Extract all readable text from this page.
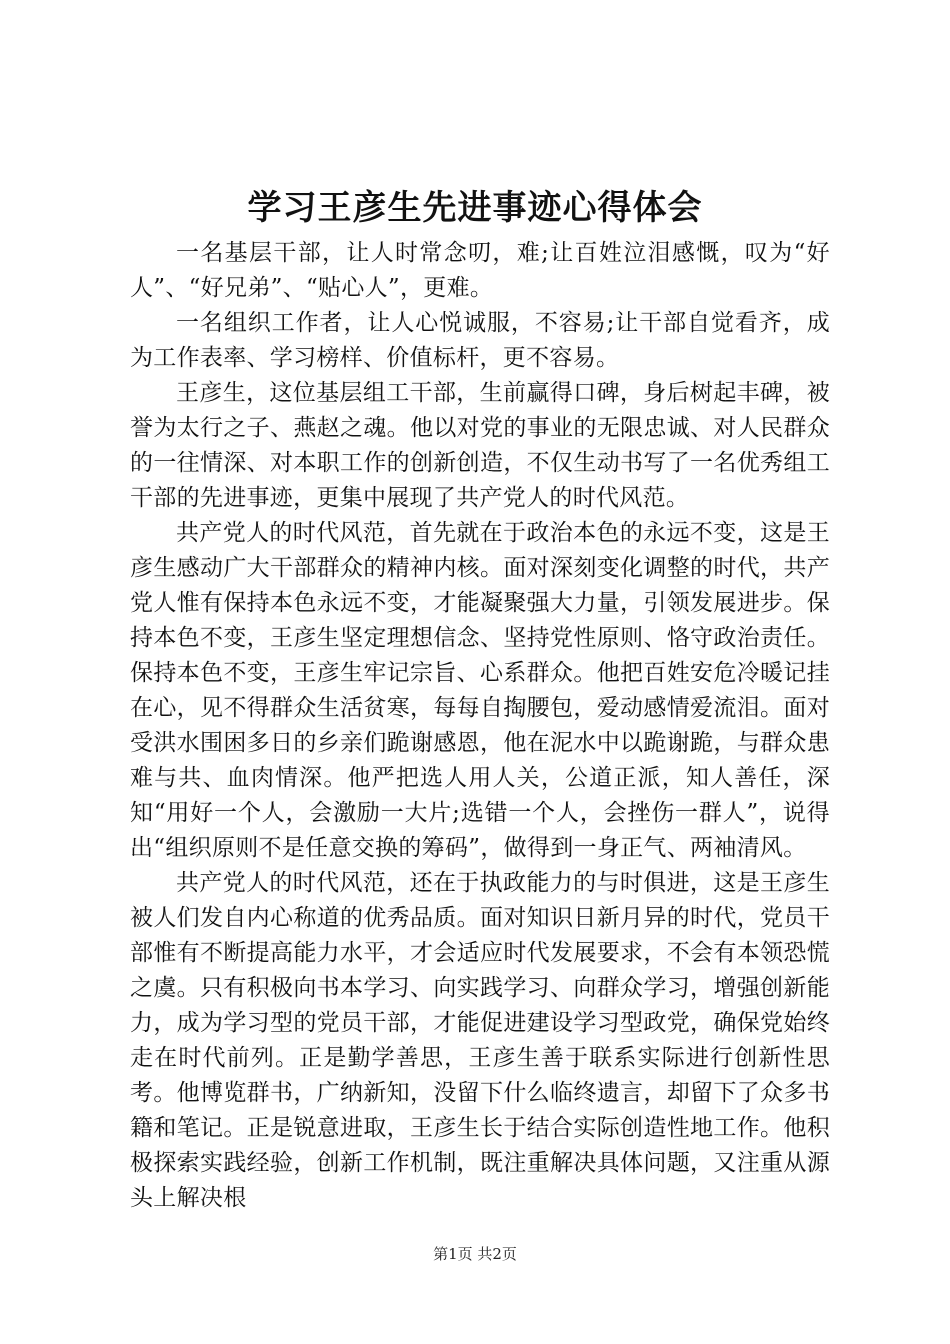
学习王彦生先进事迹心得体会

一名基层干部，让人时常念叨，难;让百姓泣泪感慨，叹为“好人”、“好兄弟”、“贴心人”，更难。

一名组织工作者，让人心悦诚服，不容易;让干部自觉看齐，成为工作表率、学习榜样、价值标杆，更不容易。

王彦生，这位基层组工干部，生前赢得口碑，身后树起丰碑，被誉为太行之子、燕赵之魂。他以对党的事业的无限忠诚、对人民群众的一往情深、对本职工作的创新创造，不仅生动书写了一名优秀组工干部的先进事迹，更集中展现了共产党人的时代风范。

共产党人的时代风范，首先就在于政治本色的永远不变，这是王彦生感动广大干部群众的精神内核。面对深刻变化调整的时代，共产党人惟有保持本色永远不变，才能凝聚强大力量，引领发展进步。保持本色不变，王彦生坚定理想信念、坚持党性原则、恪守政治责任。保持本色不变，王彦生牢记宗旨、心系群众。他把百姓安危冷暖记挂在心，见不得群众生活贫寒，每每自掏腰包，爱动感情爱流泪。面对受洪水围困多日的乡亲们跪谢感恩，他在泥水中以跪谢跪，与群众患难与共、血肉情深。他严把选人用人关，公道正派，知人善任，深知“用好一个人，会激励一大片;选错一个人，会挫伤一群人”，说得出“组织原则不是任意交换的筹码”，做得到一身正气、两袖清风。

共产党人的时代风范，还在于执政能力的与时俱进，这是王彦生被人们发自内心称道的优秀品质。面对知识日新月异的时代，党员干部惟有不断提高能力水平，才会适应时代发展要求，不会有本领恐慌之虞。只有积极向书本学习、向实践学习、向群众学习，增强创新能力，成为学习型的党员干部，才能促进建设学习型政党，确保党始终走在时代前列。正是勤学善思，王彦生善于联系实际进行创新性思考。他博览群书，广纳新知，没留下什么临终遗言，却留下了众多书籍和笔记。正是锐意进取，王彦生长于结合实际创造性地工作。他积极探索实践经验，创新工作机制，既注重解决具体问题，又注重从源头上解决根

第1页 共2页
